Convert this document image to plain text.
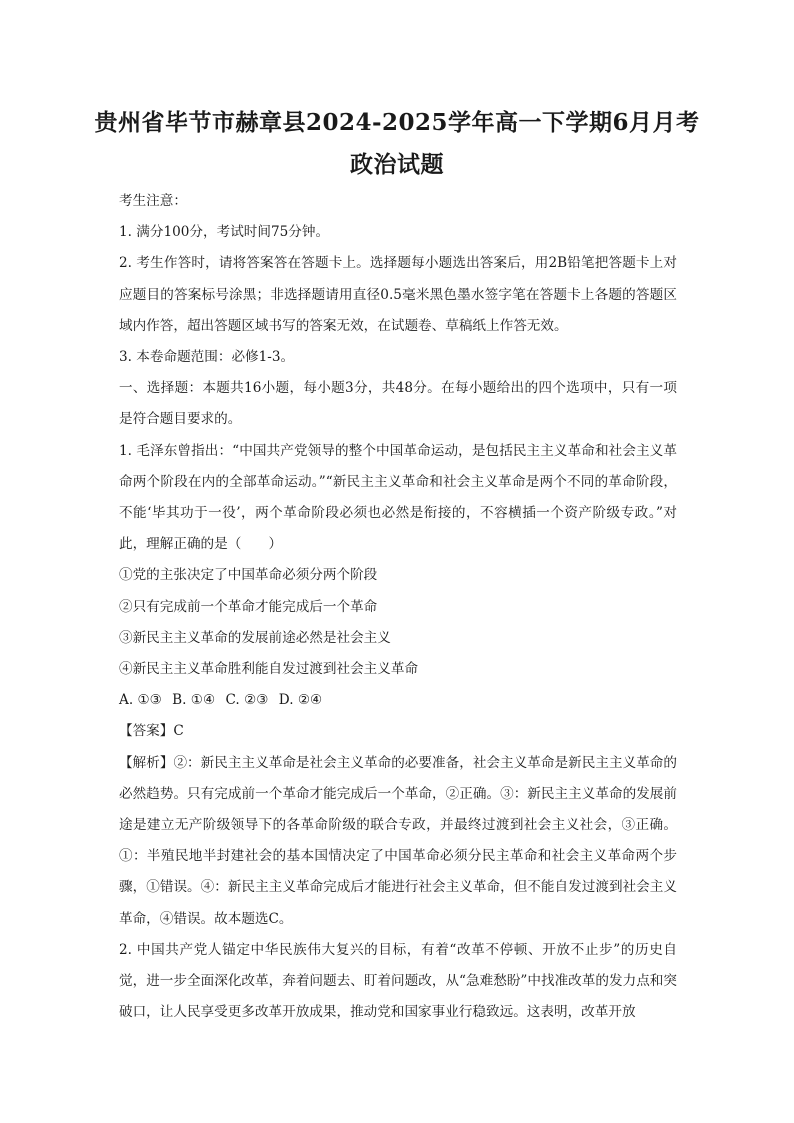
贵州省毕节市赫章县2024-2025学年高一下学期6月月考
政治试题

考生注意：

1. 满分100分，考试时间75分钟。

2. 考生作答时，请将答案答在答题卡上。选择题每小题选出答案后，用2B铅笔把答题卡上对应题目的答案标号涂黑；非选择题请用直径0.5毫米黑色墨水签字笔在答题卡上各题的答题区域内作答，超出答题区域书写的答案无效，在试题卷、草稿纸上作答无效。

3. 本卷命题范围：必修1-3。

一、选择题：本题共16小题，每小题3分，共48分。在每小题给出的四个选项中，只有一项是符合题目要求的。

1. 毛泽东曾指出：“中国共产党领导的整个中国革命运动，是包括民主主义革命和社会主义革命两个阶段在内的全部革命运动。”“新民主主义革命和社会主义革命是两个不同的革命阶段，不能‘毕其功于一役’，两个革命阶段必须也必然是衔接的，不容横插一个资产阶级专政。”对此，理解正确的是（　　）

①党的主张决定了中国革命必须分两个阶段

②只有完成前一个革命才能完成后一个革命

③新民主主义革命的发展前途必然是社会主义

④新民主主义革命胜利能自发过渡到社会主义革命

A. ①③ B. ①④ C. ②③ D. ②④

【答案】C

【解析】②：新民主主义革命是社会主义革命的必要准备，社会主义革命是新民主主义革命的必然趋势。只有完成前一个革命才能完成后一个革命，②正确。③：新民主主义革命的发展前途是建立无产阶级领导下的各革命阶级的联合专政，并最终过渡到社会主义社会，③正确。①：半殖民地半封建社会的基本国情决定了中国革命必须分民主革命和社会主义革命两个步骤，①错误。④：新民主主义革命完成后才能进行社会主义革命，但不能自发过渡到社会主义革命，④错误。故本题选C。

2. 中国共产党人锚定中华民族伟大复兴的目标，有着“改革不停顿、开放不止步”的历史自觉，进一步全面深化改革，奔着问题去、盯着问题改，从“急难愁盼”中找准改革的发力点和突破口，让人民享受更多改革开放成果，推动党和国家事业行稳致远。这表明，改革开放
